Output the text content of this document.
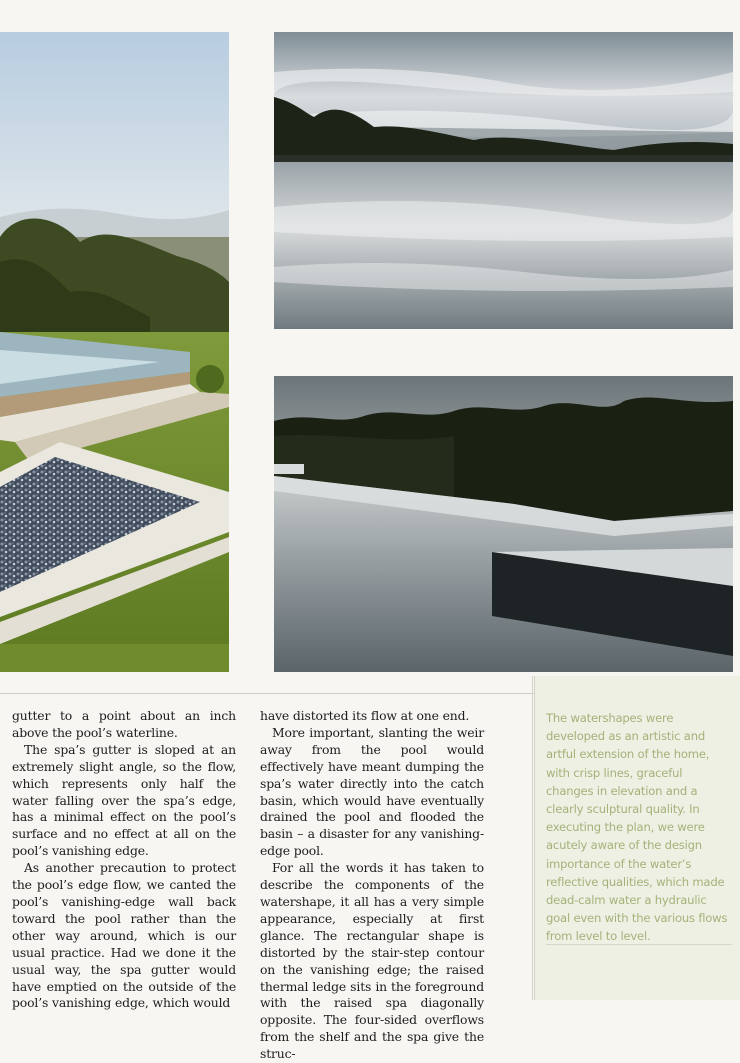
gutter to a point about an inch above the pool’s waterline.

The spa’s gutter is sloped at an extremely slight angle, so the flow, which represents only half the water falling over the spa’s edge, has a minimal effect on the pool’s surface and no effect at all on the pool’s vanishing edge.

As another precaution to protect the pool’s edge flow, we canted the pool’s vanishing-edge wall back toward the pool rather than the other way around, which is our usual practice. Had we done it the usual way, the spa gutter would have emptied on the outside of the pool’s vanishing edge, which would

have distorted its flow at one end.

More important, slanting the weir away from the pool would effectively have meant dumping the spa’s water directly into the catch basin, which would have eventually drained the pool and flooded the basin – a disaster for any vanishing-edge pool.

For all the words it has taken to describe the components of the watershape, it all has a very simple appearance, especially at first glance. The rectangular shape is distorted by the stair-step contour on the vanishing edge; the raised thermal ledge sits in the foreground with the raised spa diagonally opposite. The four-sided overflows from the shelf and the spa give the struc-

The watershapes were developed as an artistic and artful extension of the home, with crisp lines, graceful changes in elevation and a clearly sculptural quality. In executing the plan, we were acutely aware of the design importance of the water’s reflective qualities, which made dead-calm water a hydraulic goal even with the various flows from level to level.
